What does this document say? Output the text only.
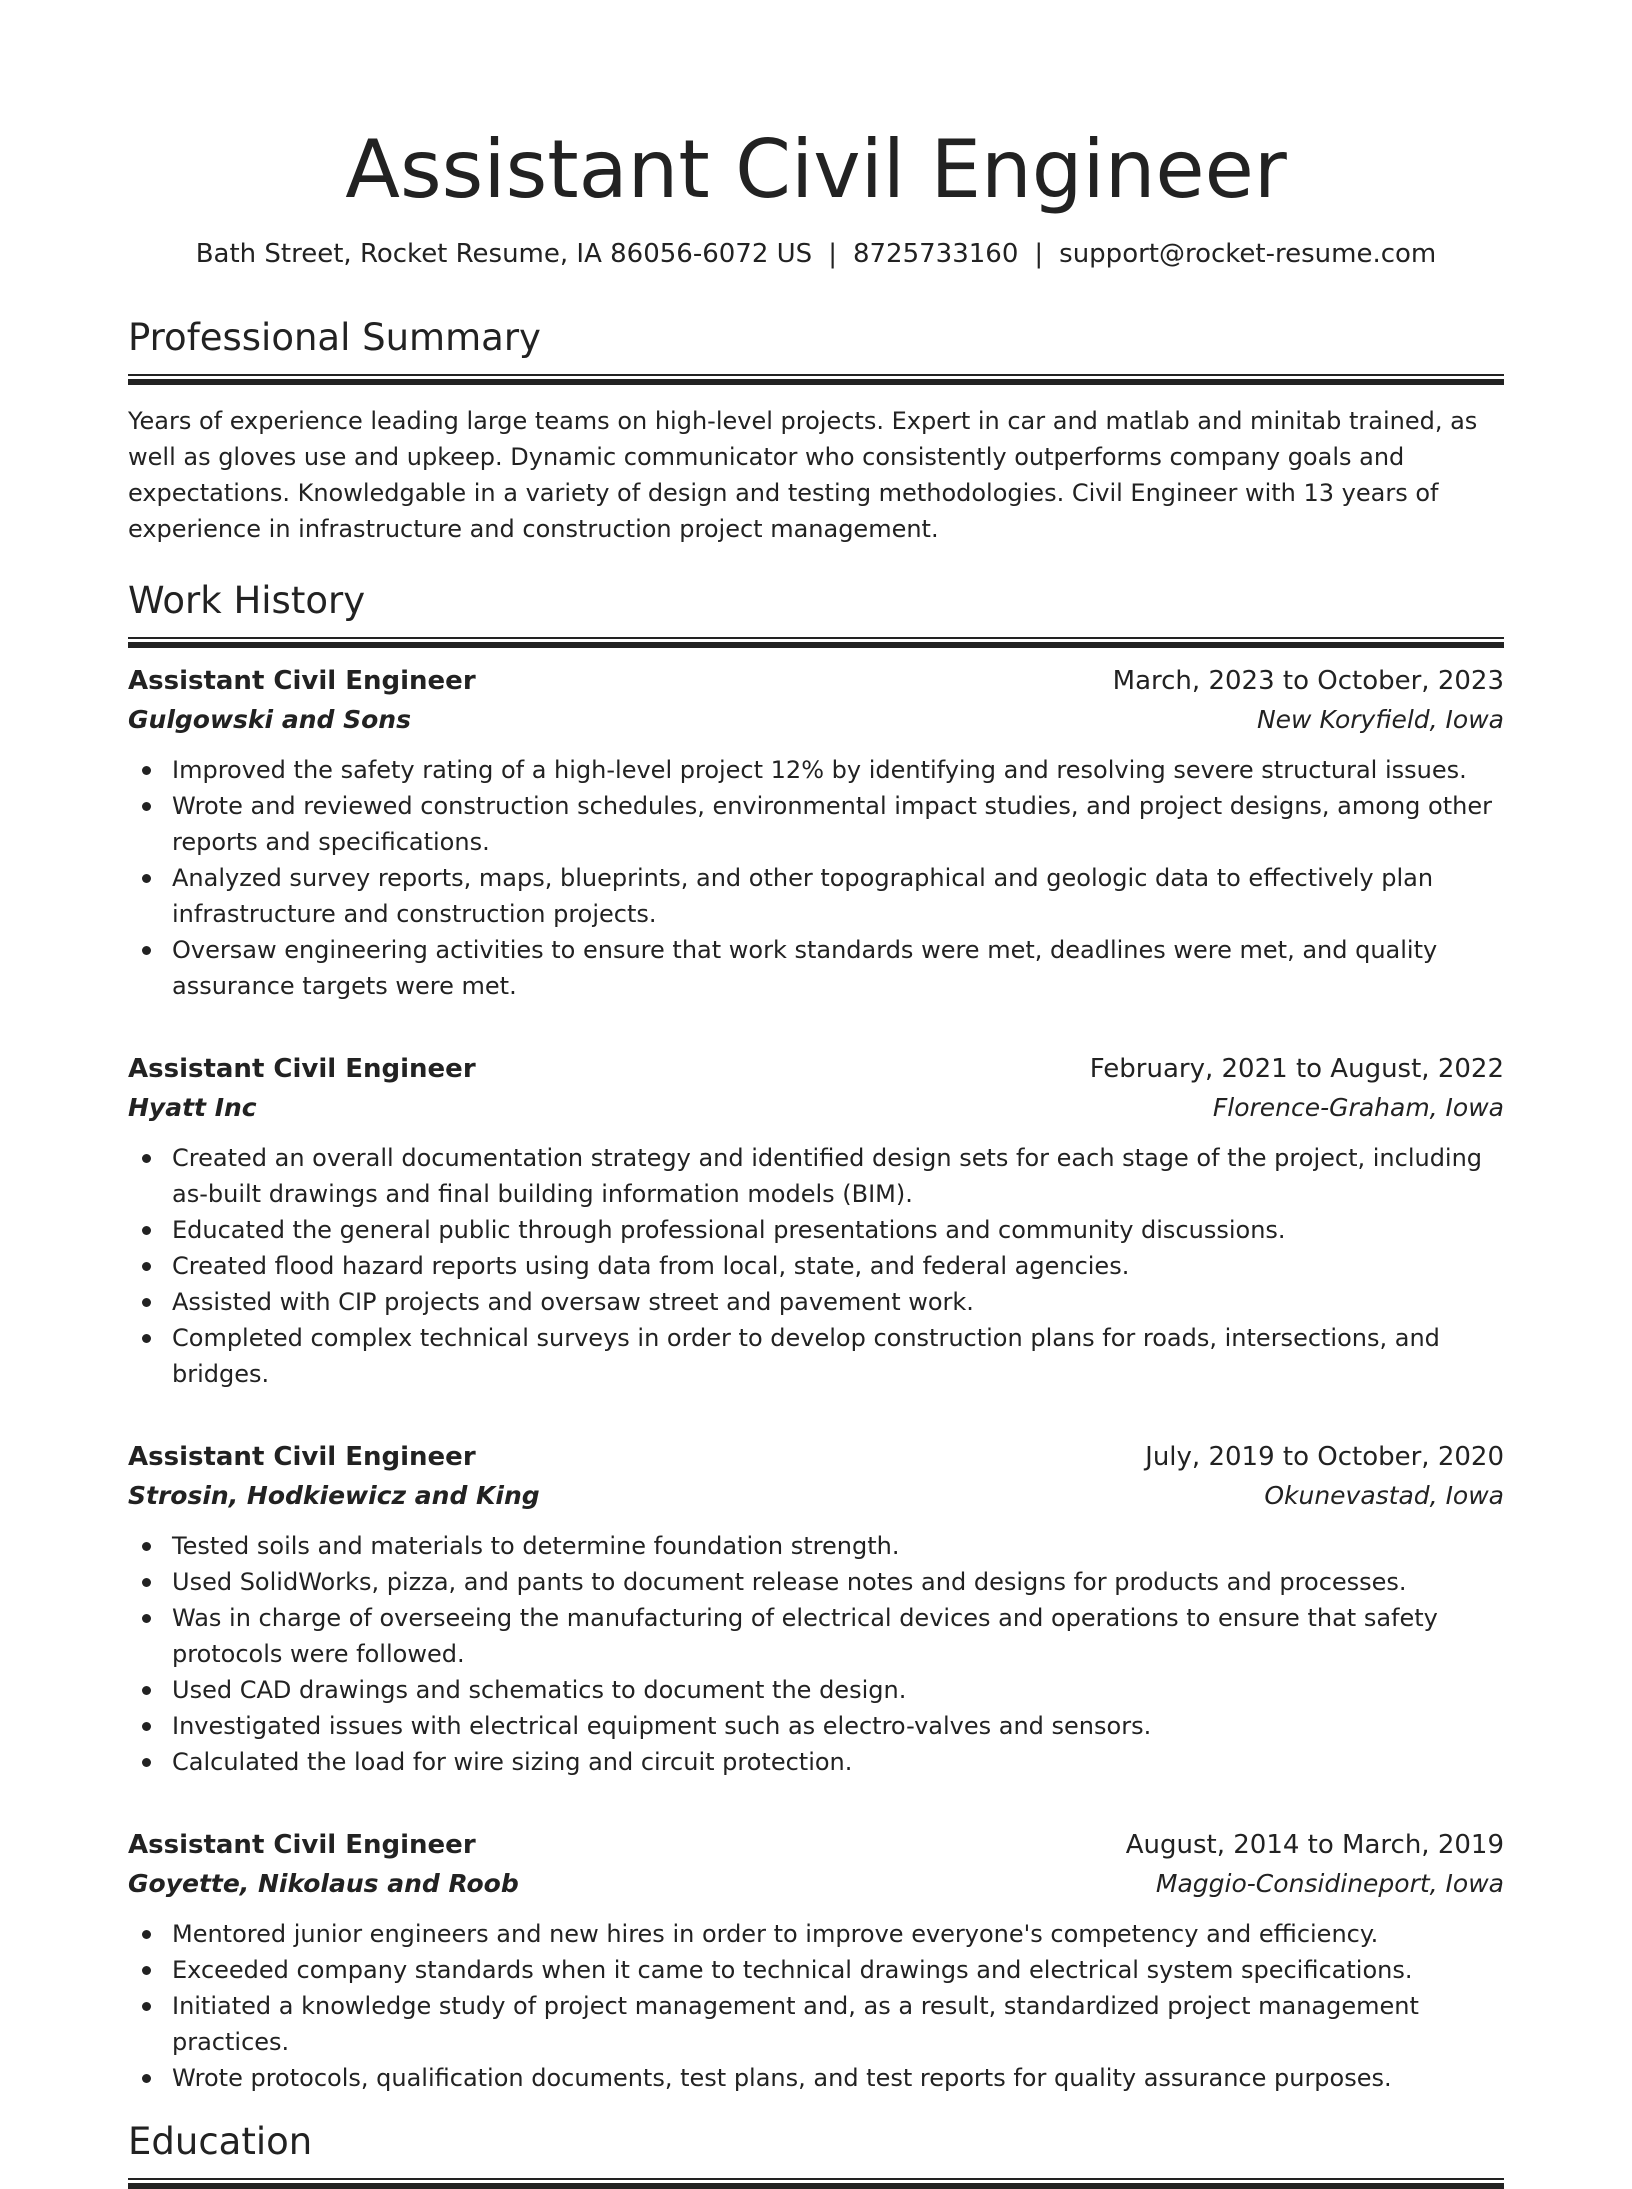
Assistant Civil Engineer
Bath Street, Rocket Resume, IA 86056-6072 US | 8725733160 | support@rocket-resume.com
Professional Summary

Years of experience leading large teams on high-level projects. Expert in car and matlab and minitab trained, as well as gloves use and upkeep. Dynamic communicator who consistently outperforms company goals and expectations. Knowledgable in a variety of design and testing methodologies. Civil Engineer with 13 years of experience in infrastructure and construction project management.

Work History
Assistant Civil Engineer	March, 2023 to October, 2023
Gulgowski and Sons	New Koryfield, Iowa
Improved the safety rating of a high-level project 12% by identifying and resolving severe structural issues.
Wrote and reviewed construction schedules, environmental impact studies, and project designs, among other reports and specifications.
Analyzed survey reports, maps, blueprints, and other topographical and geologic data to effectively plan infrastructure and construction projects.
Oversaw engineering activities to ensure that work standards were met, deadlines were met, and quality assurance targets were met.
Assistant Civil Engineer	February, 2021 to August, 2022
Hyatt Inc	Florence-Graham, Iowa
Created an overall documentation strategy and identified design sets for each stage of the project, including as-built drawings and final building information models (BIM).
Educated the general public through professional presentations and community discussions.
Created flood hazard reports using data from local, state, and federal agencies.
Assisted with CIP projects and oversaw street and pavement work.
Completed complex technical surveys in order to develop construction plans for roads, intersections, and bridges.
Assistant Civil Engineer	July, 2019 to October, 2020
Strosin, Hodkiewicz and King	Okunevastad, Iowa
Tested soils and materials to determine foundation strength.
Used SolidWorks, pizza, and pants to document release notes and designs for products and processes.
Was in charge of overseeing the manufacturing of electrical devices and operations to ensure that safety protocols were followed.
Used CAD drawings and schematics to document the design.
Investigated issues with electrical equipment such as electro-valves and sensors.
Calculated the load for wire sizing and circuit protection.
Assistant Civil Engineer	August, 2014 to March, 2019
Goyette, Nikolaus and Roob	Maggio-Considineport, Iowa
Mentored junior engineers and new hires in order to improve everyone's competency and efficiency.
Exceeded company standards when it came to technical drawings and electrical system specifications.
Initiated a knowledge study of project management and, as a result, standardized project management practices.
Wrote protocols, qualification documents, test plans, and test reports for quality assurance purposes.
Education
